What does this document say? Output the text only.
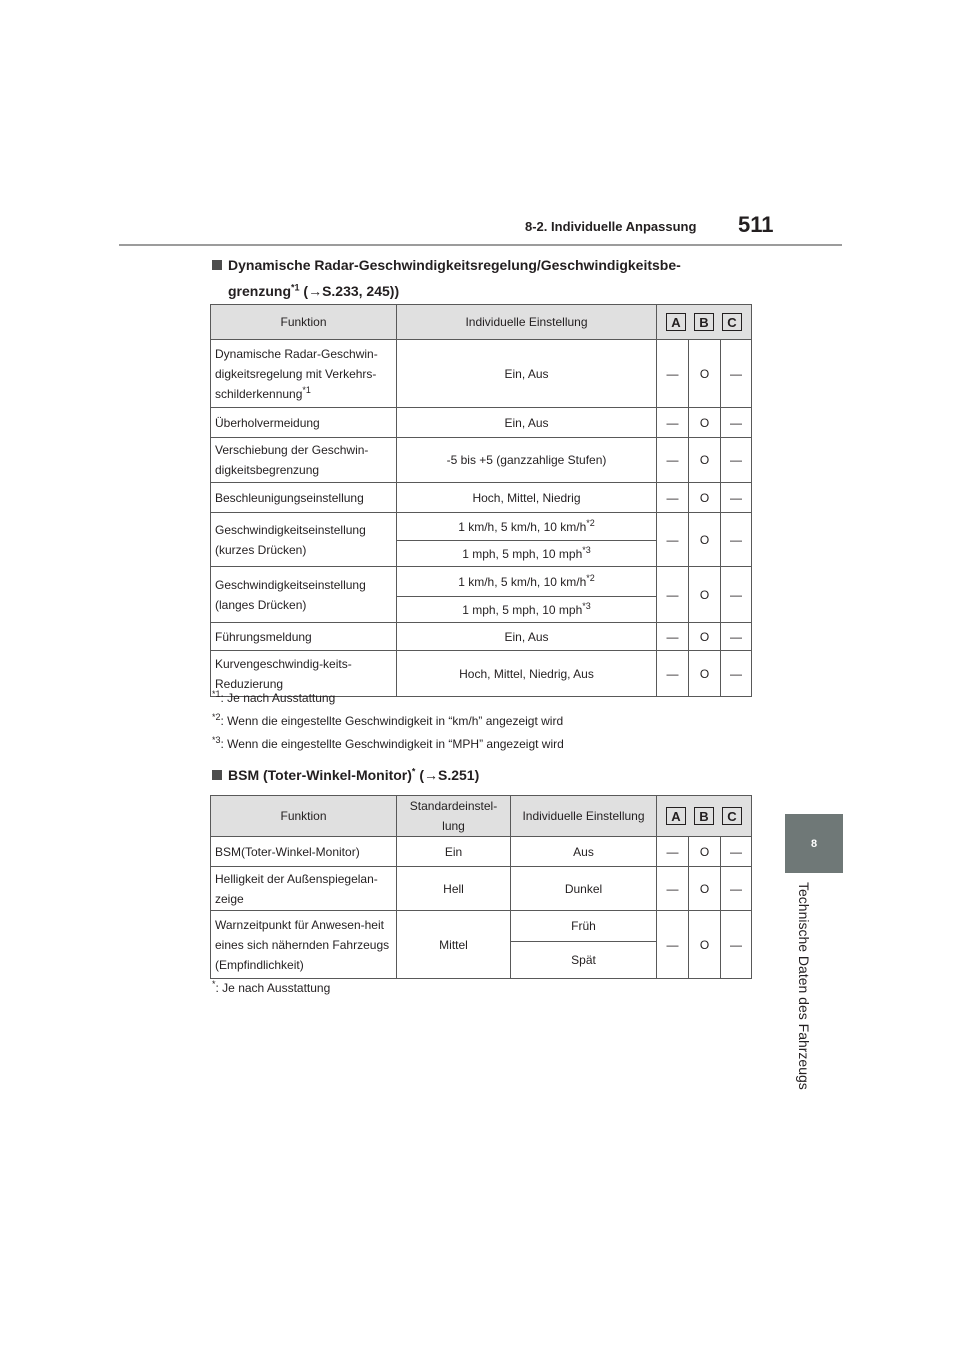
8-2. Individuelle Anpassung 511
8
Technische Daten des Fahrzeugs
Dynamische Radar-Geschwindigkeitsregelung/Geschwindigkeitsbe-
grenzung$^{*1}$ (→S.233, 245))
Funktion	Individuelle Einstellung	A B C		

Dynamische Radar-Geschwin-digkeitsregelung mit Verkehrs-schilderkennung$^{*1}$	Ein, Aus	—	O	—
Überholvermeidung	Ein, Aus	—	O	—
Verschiebung der Geschwin-digkeitsbegrenzung	-5 bis +5 (ganzzahlige Stufen)	—	O	—
Beschleunigungseinstellung	Hoch, Mittel, Niedrig	—	O	—
Geschwindigkeitseinstellung (kurzes Drücken)	1 km/h, 5 km/h, 10 $km/h^{*2}$	—	O	—
	1 mph, 5 mph, 10 mph$^{*3}$
Geschwindigkeitseinstellung (langes Drücken)	1 km/h, 5 km/h, 10 $km/h^{*2}$	—	O	—
	1 mph, 5 mph, 10 mph$^{*3}$
Führungsmeldung	Ein, Aus	—	O	—
Kurvengeschwindig-keits-Reduzierung	Hoch, Mittel, Niedrig, Aus	—	O	—
$^{*1}$: Je nach Ausstattung
$^{*2}$: Wenn die eingestellte Geschwindigkeit in “km/h” angezeigt wird
$^{*3}$: Wenn die eingestellte Geschwindigkeit in “MPH” angezeigt wird
BSM (Toter-Winkel-Monitor)* (→S.251)
Funktion	Standardeinstel-lung	Individuelle Einstellung	A B C		

BSM(Toter-Winkel-Monitor)	Ein	Aus	—	O	—
Helligkeit der Außenspiegelan-zeige	Hell	Dunkel	—	O	—
Warnzeitpunkt für Anwesen-heit eines sich nähernden Fahrzeugs (Empfindlichkeit)	Mittel	Früh	—	O	—
		Spät			
*: Je nach Ausstattung
